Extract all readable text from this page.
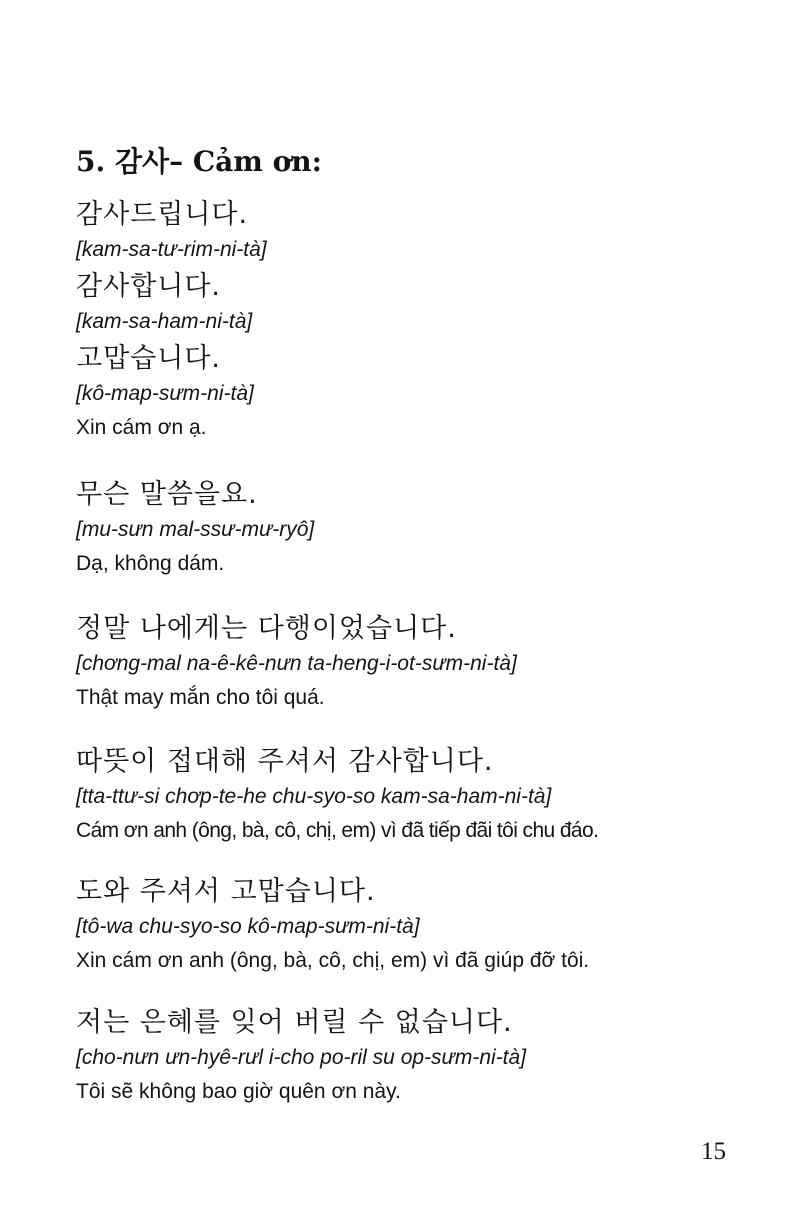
5. 감사– Cảm ơn:
감사드립니다.
[kam-sa-tư-rim-ni-tà]
감사합니다.
[kam-sa-ham-ni-tà]
고맙습니다.
[kô-map-sưm-ni-tà]
Xin cám ơn ạ.
무슨 말씀을요.
[mu-sưn mal-ssư-mư-ryô]
Dạ, không dám.
정말 나에게는 다행이었습니다.
[chơng-mal na-ê-kê-nưn ta-heng-i-ot-sưm-ni-tà]
Thật may mắn cho tôi quá.
따뜻이 접대해 주셔서 감사합니다.
[tta-ttư-si chơp-te-he chu-syo-so kam-sa-ham-ni-tà]
Cám ơn anh (ông, bà, cô, chị, em) vì đã tiếp đãi tôi chu đáo.
도와 주셔서 고맙습니다.
[tô-wa chu-syo-so kô-map-sưm-ni-tà]
Xin cám ơn anh (ông, bà, cô, chị, em) vì đã giúp đỡ tôi.
저는 은혜를 잊어 버릴 수 없습니다.
[cho-nưn ưn-hyê-rưl i-cho po-ril su op-sưm-ni-tà]
Tôi sẽ không bao giờ quên ơn này.
15
